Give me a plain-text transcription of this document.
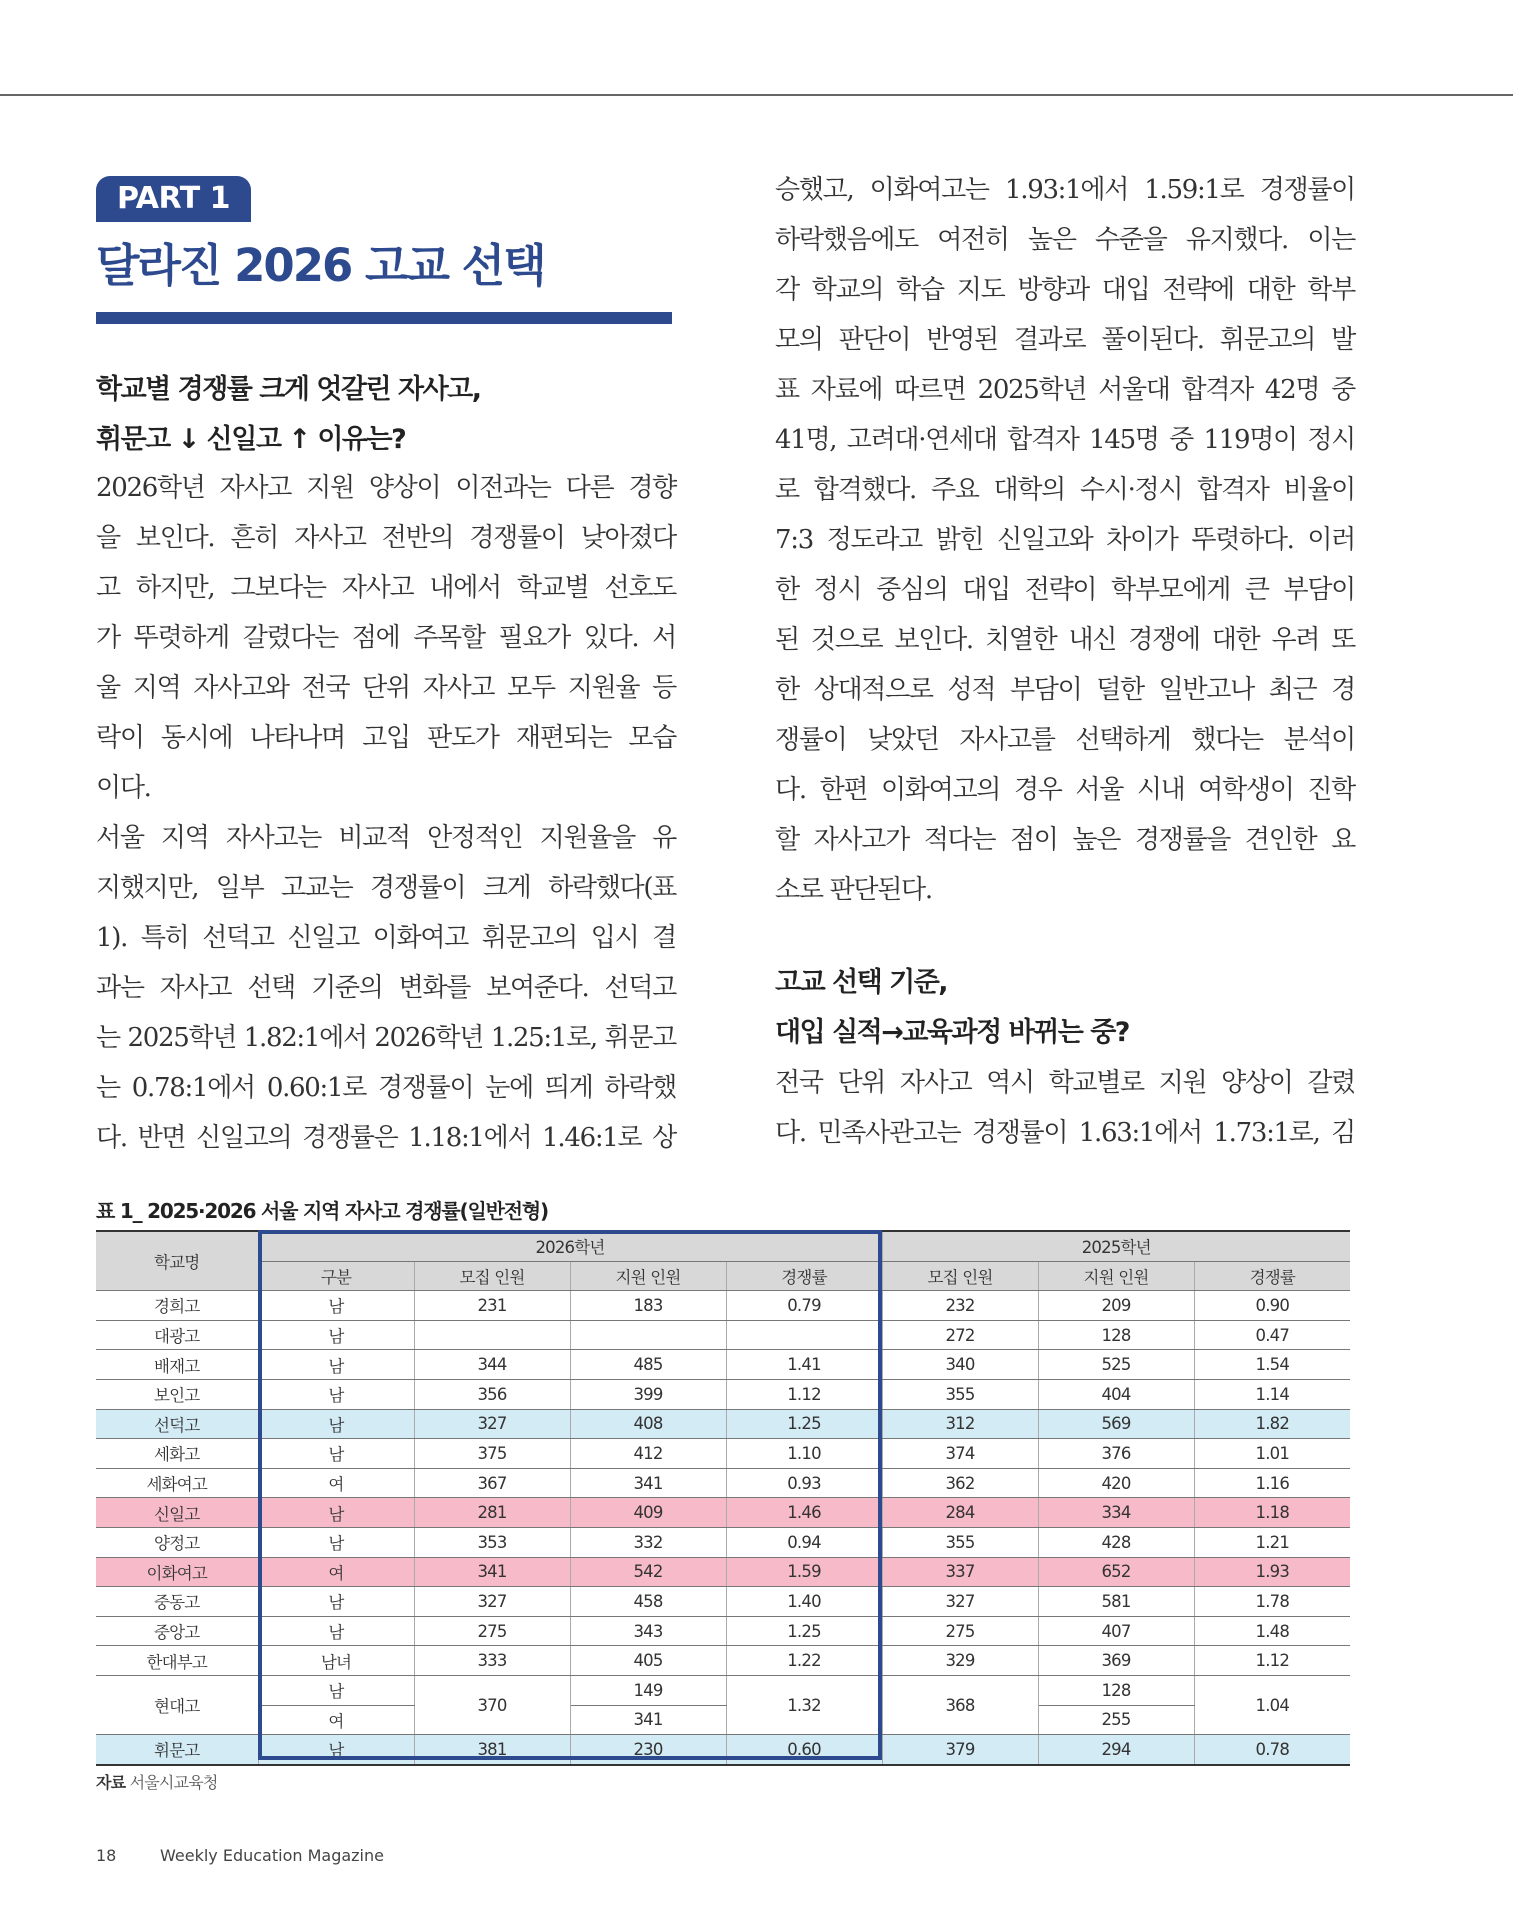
PART 1
달라진 2026 고교 선택
학교별 경쟁률 크게 엇갈린 자사고,
휘문고 ↓ 신일고 ↑ 이유는?
2026학년 자사고 지원 양상이 이전과는 다른 경향
을 보인다. 흔히 자사고 전반의 경쟁률이 낮아졌다
고 하지만, 그보다는 자사고 내에서 학교별 선호도
가 뚜렷하게 갈렸다는 점에 주목할 필요가 있다. 서
울 지역 자사고와 전국 단위 자사고 모두 지원율 등
락이 동시에 나타나며 고입 판도가 재편되는 모습
이다.
서울 지역 자사고는 비교적 안정적인 지원율을 유
지했지만, 일부 고교는 경쟁률이 크게 하락했다(표
1). 특히 선덕고 신일고 이화여고 휘문고의 입시 결
과는 자사고 선택 기준의 변화를 보여준다. 선덕고
는 2025학년 1.82:1에서 2026학년 1.25:1로, 휘문고
는 0.78:1에서 0.60:1로 경쟁률이 눈에 띄게 하락했
다. 반면 신일고의 경쟁률은 1.18:1에서 1.46:1로 상
승했고, 이화여고는 1.93:1에서 1.59:1로 경쟁률이
하락했음에도 여전히 높은 수준을 유지했다. 이는
각 학교의 학습 지도 방향과 대입 전략에 대한 학부
모의 판단이 반영된 결과로 풀이된다. 휘문고의 발
표 자료에 따르면 2025학년 서울대 합격자 42명 중
41명, 고려대·연세대 합격자 145명 중 119명이 정시
로 합격했다. 주요 대학의 수시·정시 합격자 비율이
7:3 정도라고 밝힌 신일고와 차이가 뚜렷하다. 이러
한 정시 중심의 대입 전략이 학부모에게 큰 부담이
된 것으로 보인다. 치열한 내신 경쟁에 대한 우려 또
한 상대적으로 성적 부담이 덜한 일반고나 최근 경
쟁률이 낮았던 자사고를 선택하게 했다는 분석이
다. 한편 이화여고의 경우 서울 시내 여학생이 진학
할 자사고가 적다는 점이 높은 경쟁률을 견인한 요
소로 판단된다.
고교 선택 기준,
대입 실적→교육과정 바뀌는 중?
전국 단위 자사고 역시 학교별로 지원 양상이 갈렸
다. 민족사관고는 경쟁률이 1.63:1에서 1.73:1로, 김
표 1_ 2025·2026 서울 지역 자사고 경쟁률(일반전형)
학교명	2026학년				2025학년		
	구분	모집 인원	지원 인원	경쟁률	모집 인원	지원 인원	경쟁률
경희고	남	231	183	0.79	232	209	0.90
대광고	남				272	128	0.47
배재고	남	344	485	1.41	340	525	1.54
보인고	남	356	399	1.12	355	404	1.14
선덕고	남	327	408	1.25	312	569	1.82
세화고	남	375	412	1.10	374	376	1.01
세화여고	여	367	341	0.93	362	420	1.16
신일고	남	281	409	1.46	284	334	1.18
양정고	남	353	332	0.94	355	428	1.21
이화여고	여	341	542	1.59	337	652	1.93
중동고	남	327	458	1.40	327	581	1.78
중앙고	남	275	343	1.25	275	407	1.48
한대부고	남녀	333	405	1.22	329	369	1.12
현대고	남	370	149	1.32	368	128	1.04
	여		341			255	
휘문고	남	381	230	0.60	379	294	0.78

자료 서울시교육청

18	Weekly Education Magazine
